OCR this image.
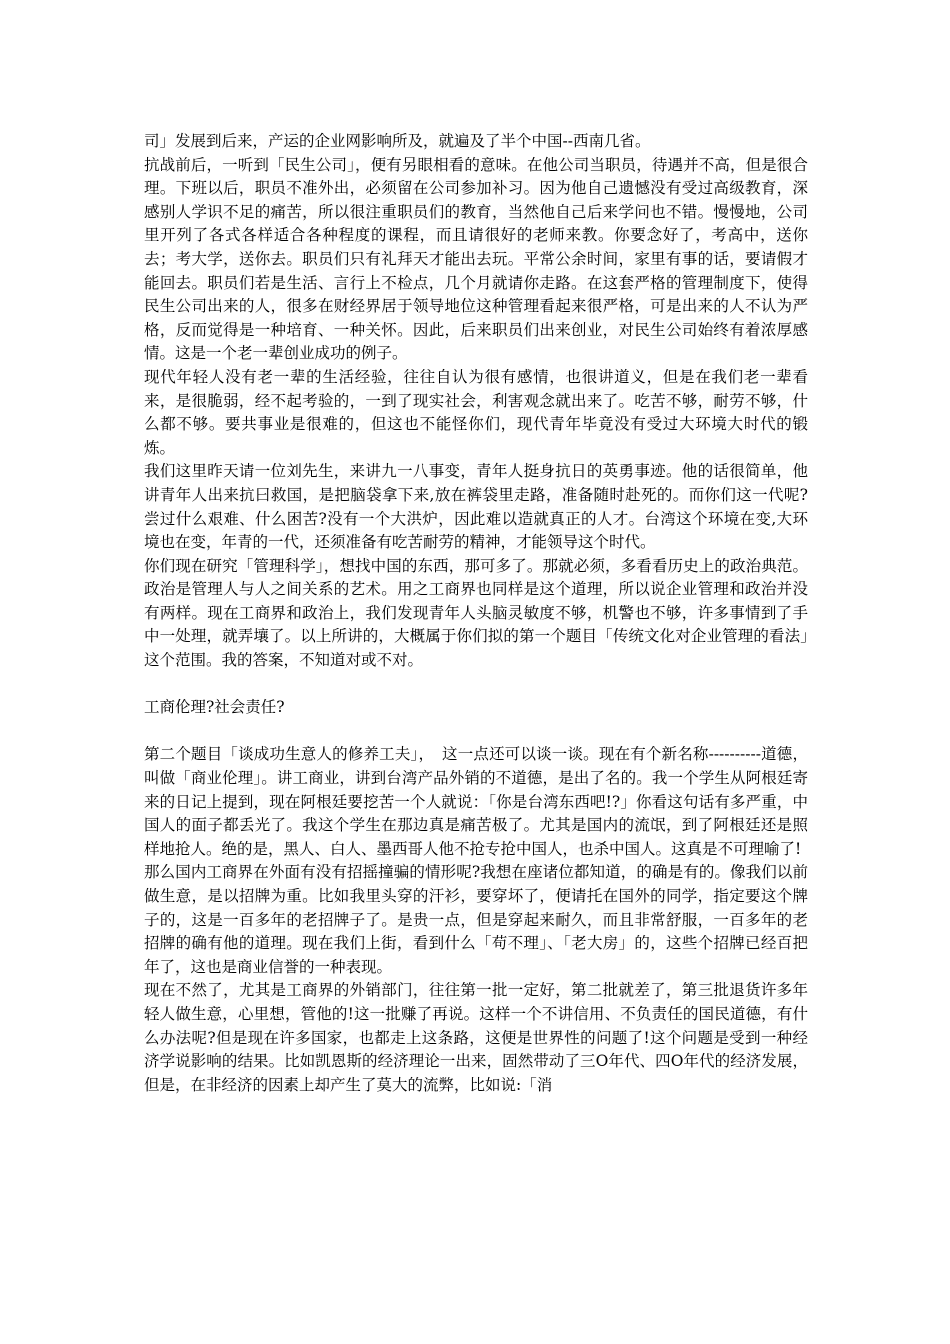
司」发展到后来，产运的企业网影响所及，就遍及了半个中国--西南几省。

抗战前后，一听到「民生公司」，便有另眼相看的意味。在他公司当职员，待遇并不高，但是很合理。下班以后，职员不准外出，必须留在公司参加补习。因为他自己遗憾没有受过高级教育，深感别人学识不足的痛苦，所以很注重职员们的教育，当然他自己后来学问也不错。慢慢地，公司里开列了各式各样适合各种程度的课程，而且请很好的老师来教。你要念好了，考高中，送你去；考大学，送你去。职员们只有礼拜天才能出去玩。平常公余时间，家里有事的话，要请假才能回去。职员们若是生活、言行上不检点，几个月就请你走路。在这套严格的管理制度下，使得民生公司出来的人，很多在财经界居于领导地位这种管理看起来很严格，可是出来的人不认为严格，反而觉得是一种培育、一种关怀。因此，后来职员们出来创业，对民生公司始终有着浓厚感情。这是一个老一辈创业成功的例子。

现代年轻人没有老一辈的生活经验，往往自认为很有感情，也很讲道义，但是在我们老一辈看来，是很脆弱，经不起考验的，一到了现实社会，利害观念就出来了。吃苦不够，耐劳不够，什么都不够。要共事业是很难的，但这也不能怪你们，现代青年毕竟没有受过大环境大时代的锻炼。

我们这里昨天请一位刘先生，来讲九一八事变，青年人挺身抗日的英勇事迹。他的话很简单，他讲青年人出来抗曰救国，是把脑袋拿下来,放在裤袋里走路，准备随时赴死的。而你们这一代呢?尝过什么艰难、什么困苦?没有一个大洪炉，因此难以造就真正的人才。台湾这个环境在变,大环境也在变，年青的一代，还须准备有吃苦耐劳的精神，才能领导这个时代。

你们现在研究「管理科学」，想找中国的东西，那可多了。那就必须，多看看历史上的政治典范。政治是管理人与人之间关系的艺术。用之工商界也同样是这个道理，所以说企业管理和政治并没有两样。现在工商界和政治上，我们发现青年人头脑灵敏度不够，机警也不够，许多事情到了手中一处理，就弄壤了。以上所讲的，大概属于你们拟的第一个题目「传统文化对企业管理的看法」这个范围。我的答案，不知道对或不对。

工商伦理?社会责任?

第二个题目「谈成功生意人的修养工夫」，　这一点还可以谈一谈。现在有个新名称----------道德，叫做「商业伦理」。讲工商业，讲到台湾产品外销的不道德，是出了名的。我一个学生从阿根廷寄来的日记上提到，现在阿根廷要挖苦一个人就说：「你是台湾东西吧!?」你看这句话有多严重，中国人的面子都丢光了。我这个学生在那边真是痛苦极了。尤其是国内的流氓，到了阿根廷还是照样地抢人。绝的是，黑人、白人、墨西哥人他不抢专抢中国人，也杀中国人。这真是不可理喻了!

那么国内工商界在外面有没有招摇撞骗的情形呢?我想在座诸位都知道，的确是有的。像我们以前做生意，是以招牌为重。比如我里头穿的汗衫，要穿坏了，便请托在国外的同学，指定要这个牌子的，这是一百多年的老招牌子了。是贵一点，但是穿起来耐久，而且非常舒服，一百多年的老招牌的确有他的道理。现在我们上街，看到什么「苟不理」、「老大房」的，这些个招牌已经百把年了，这也是商业信誉的一种表现。

现在不然了，尤其是工商界的外销部门，往往第一批一定好，第二批就差了，第三批退货许多年轻人做生意，心里想，管他的!这一批赚了再说。这样一个不讲信用、不负责任的国民道德，有什么办法呢?但是现在许多国家，也都走上这条路，这便是世界性的问题了!这个问题是受到一种经济学说影响的结果。比如凯恩斯的经济理论一出来，固然带动了三O年代、四O年代的经济发展，但是，在非经济的因素上却产生了莫大的流弊，比如说:「消
